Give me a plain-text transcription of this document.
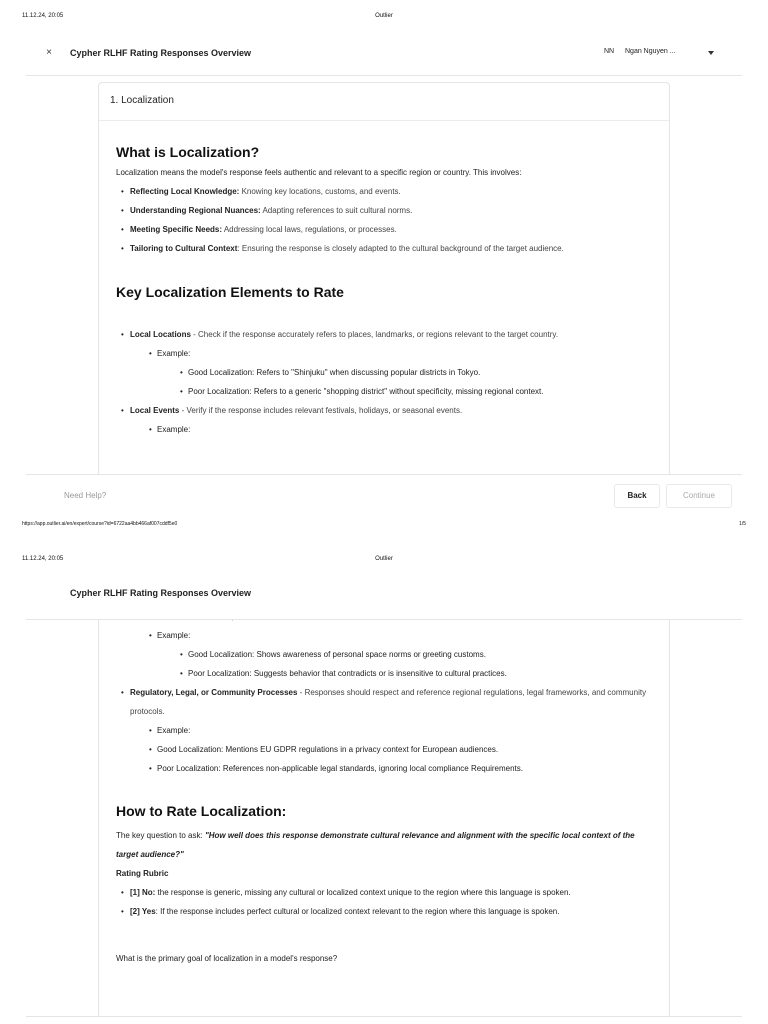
11.12.24, 20:05	Outlier
× Cypher RLHF Rating Responses Overview	NN Ngan Nguyen ...
1. Localization
What is Localization?

Localization means the model's response feels authentic and relevant to a specific region or country. This involves:

• Reflecting Local Knowledge: Knowing key locations, customs, and events.
• Understanding Regional Nuances: Adapting references to suit cultural norms.
• Meeting Specific Needs: Addressing local laws, regulations, or processes.
• Tailoring to Cultural Context: Ensuring the response is closely adapted to the cultural background of the target audience.
Key Localization Elements to Rate
• Local Locations - Check if the response accurately refers to places, landmarks, or regions relevant to the target country.
• Example:
• Good Localization: Refers to "Shinjuku" when discussing popular districts in Tokyo.
• Poor Localization: Refers to a generic "shopping district" without specificity, missing regional context.
• Local Events - Verify if the response includes relevant festivals, holidays, or seasonal events.
• Example:
Need Help?	Back	Continue
https://app.outlier.ai/en/expert/course?id=6722aa4bb466af007cddf5e0	1/5
11.12.24, 20:05	Outlier
• Example:
• Good Localization: Shows awareness of personal space norms or greeting customs.
• Poor Localization: Suggests behavior that contradicts or is insensitive to cultural practices.
• Regulatory, Legal, or Community Processes - Responses should respect and reference regional regulations, legal frameworks, and community protocols.
• Example:
• Good Localization: Mentions EU GDPR regulations in a privacy context for European audiences.
• Poor Localization: References non-applicable legal standards, ignoring local compliance Requirements.
How to Rate Localization:

The key question to ask: "How well does this response demonstrate cultural relevance and alignment with the specific local context of the target audience?"

Rating Rubric

• [1] No: the response is generic, missing any cultural or localized context unique to the region where this language is spoken.
• [2] Yes: If the response includes perfect cultural or localized context relevant to the region where this language is spoken.

What is the primary goal of localization in a model's response?

Cypher RLHF Rating Responses Overview
